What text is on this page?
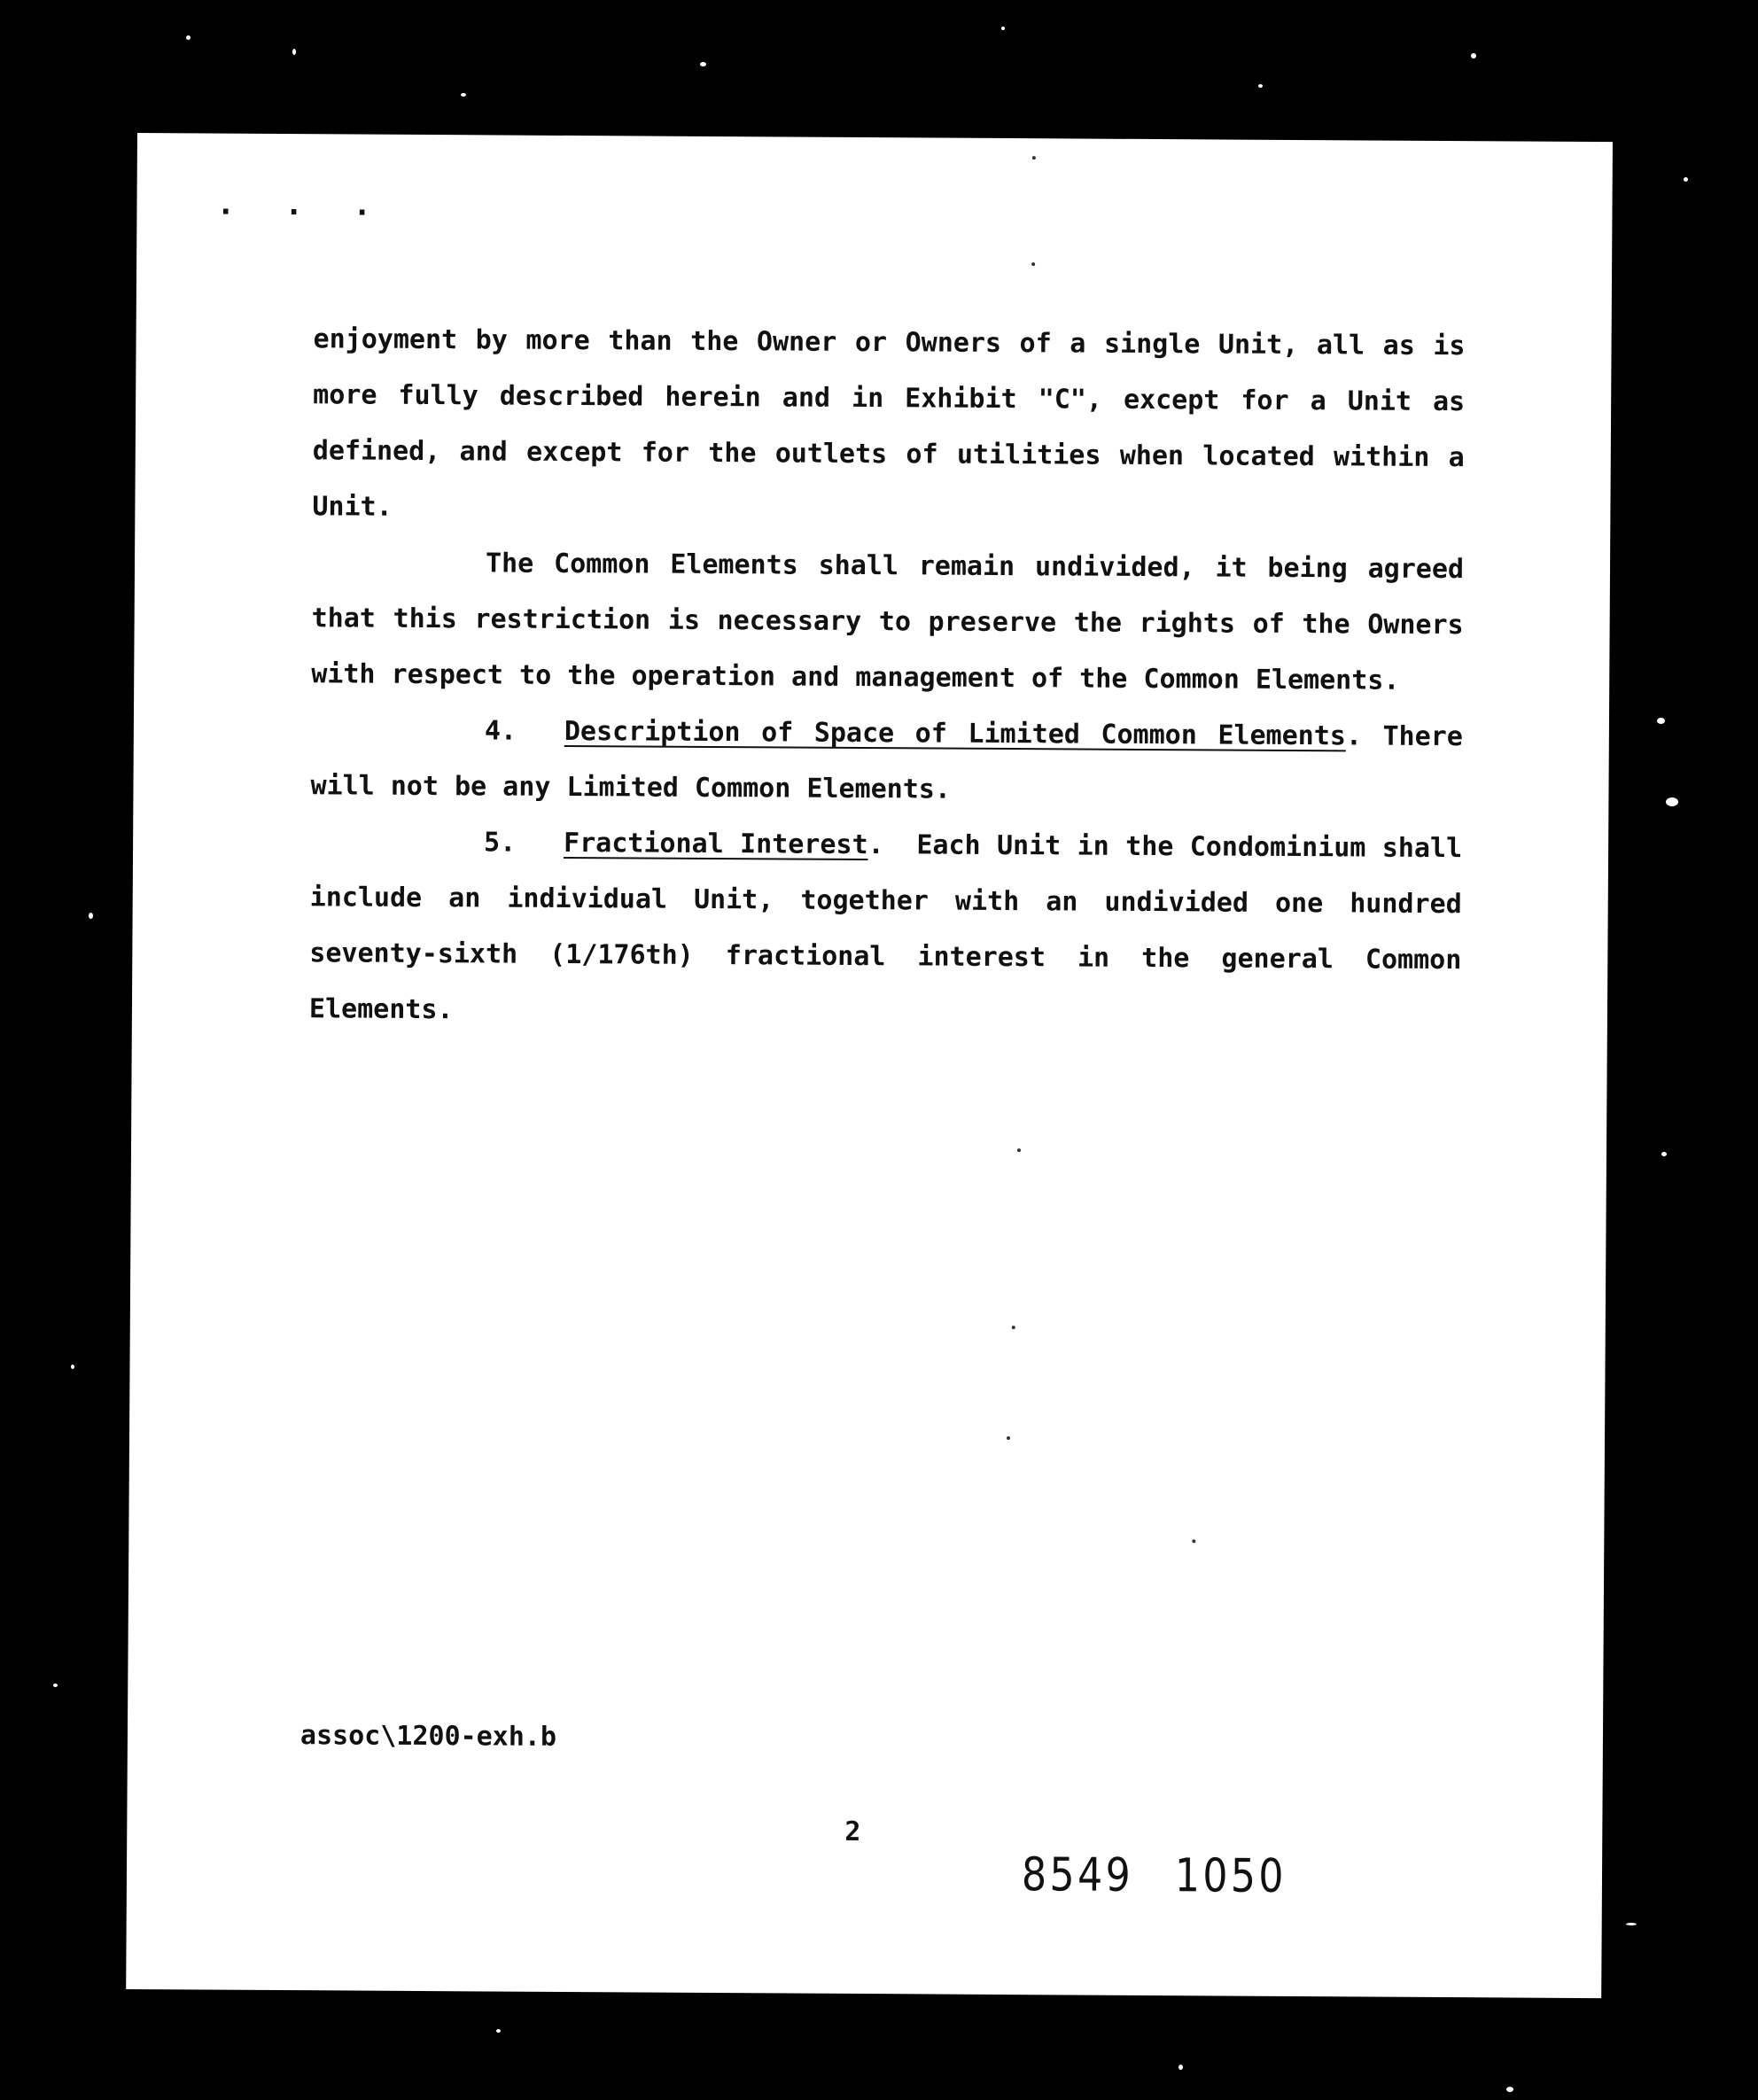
. . .

enjoyment by more than the Owner or Owners of a single Unit, all as is more fully described herein and in Exhibit "C", except for a Unit as defined, and except for the outlets of utilities when located within a Unit.

The Common Elements shall remain undivided, it being agreed that this restriction is necessary to preserve the rights of the Owners with respect to the operation and management of the Common Elements.

4. Description of Space of Limited Common Elements. There will not be any Limited Common Elements.

5. Fractional Interest. Each Unit in the Condominium shall include an individual Unit, together with an undivided one hundred seventy-sixth (1/176th) fractional interest in the general Common Elements.

assoc\1200-exh.b
2
8549 1050
